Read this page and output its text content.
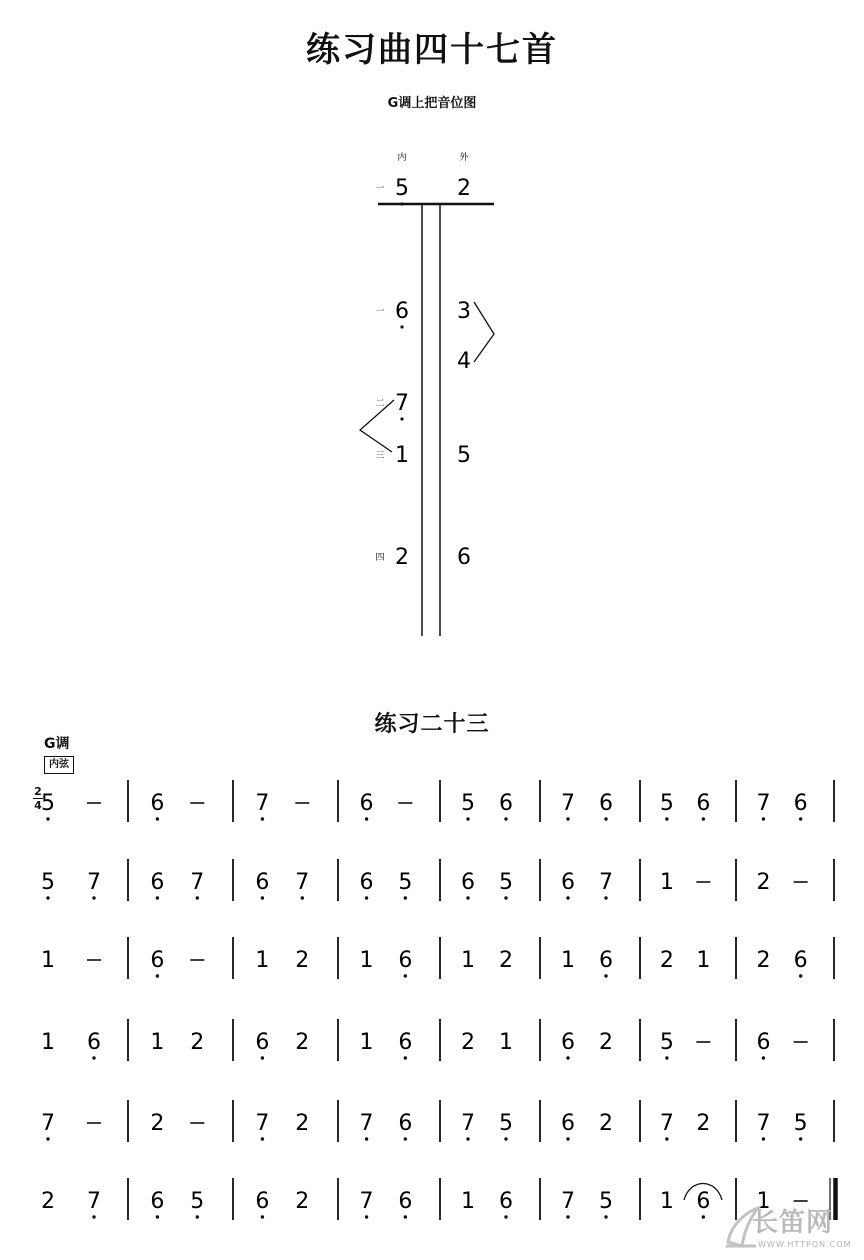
练习曲四十七首
G调上把音位图
内	外
一 5 2
一 6 3
4
二 7
三 1 5
四 2 6
练习二十三
G调
内弦
2
4 5	6	7	6	5 6 7 6 5 6 7 6
5 7 6 7 6 7 6 5 6 5 6 7 1	2
1	6	1 2 1 6 1 2 1 6 2 1 2 6
1 6 1 2 6 2 1 6 2 1 6 2 5	6
7	2	7 2 7 6 7 5 6 2 7 2 7 5
2 7 6 5 6 2 7 6 1 6 7 5 1 6 1
长笛网
WWW.HTTPON.COM
